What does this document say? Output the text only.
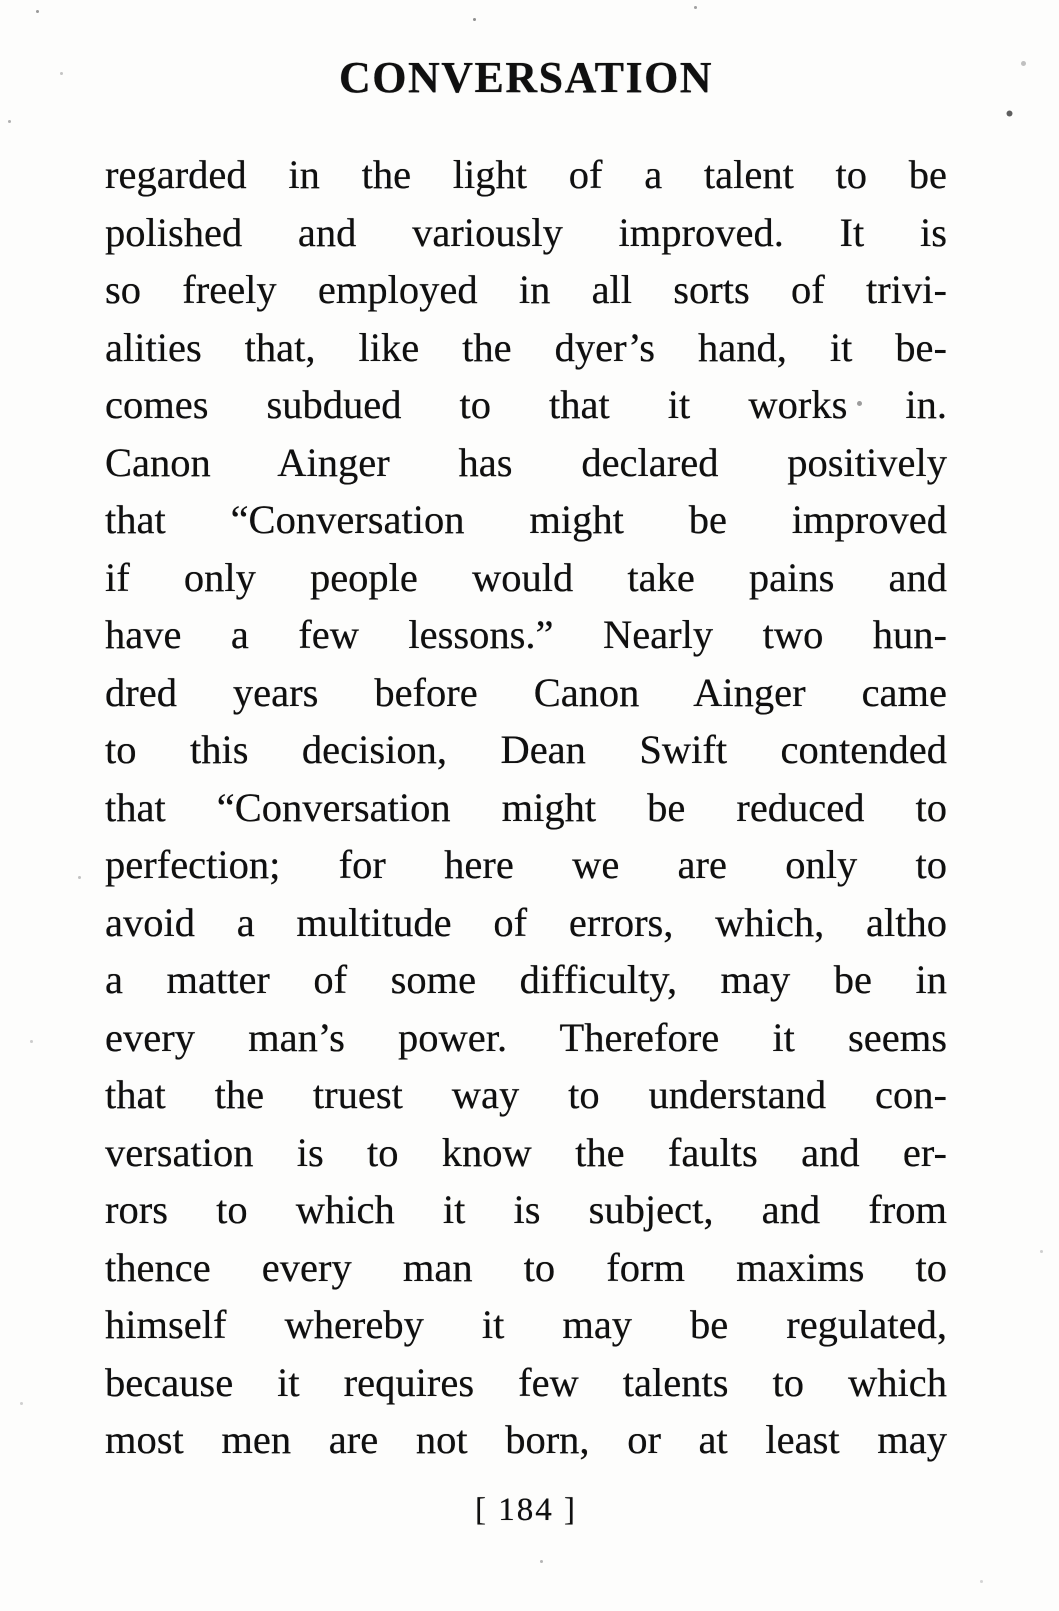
CONVERSATION
regarded in the light of a talent to be
polished and variously improved. It is
so freely employed in all sorts of trivi-
alities that, like the dyer’s hand, it be-
comes subdued to that it works in.
Canon Ainger has declared positively
that “Conversation might be improved
if only people would take pains and
have a few lessons.” Nearly two hun-
dred years before Canon Ainger came
to this decision, Dean Swift contended
that “Conversation might be reduced to
perfection; for here we are only to
avoid a multitude of errors, which, altho
a matter of some difficulty, may be in
every man’s power. Therefore it seems
that the truest way to understand con-
versation is to know the faults and er-
rors to which it is subject, and from
thence every man to form maxims to
himself whereby it may be regulated,
because it requires few talents to which
most men are not born, or at least may
[ 184 ]
